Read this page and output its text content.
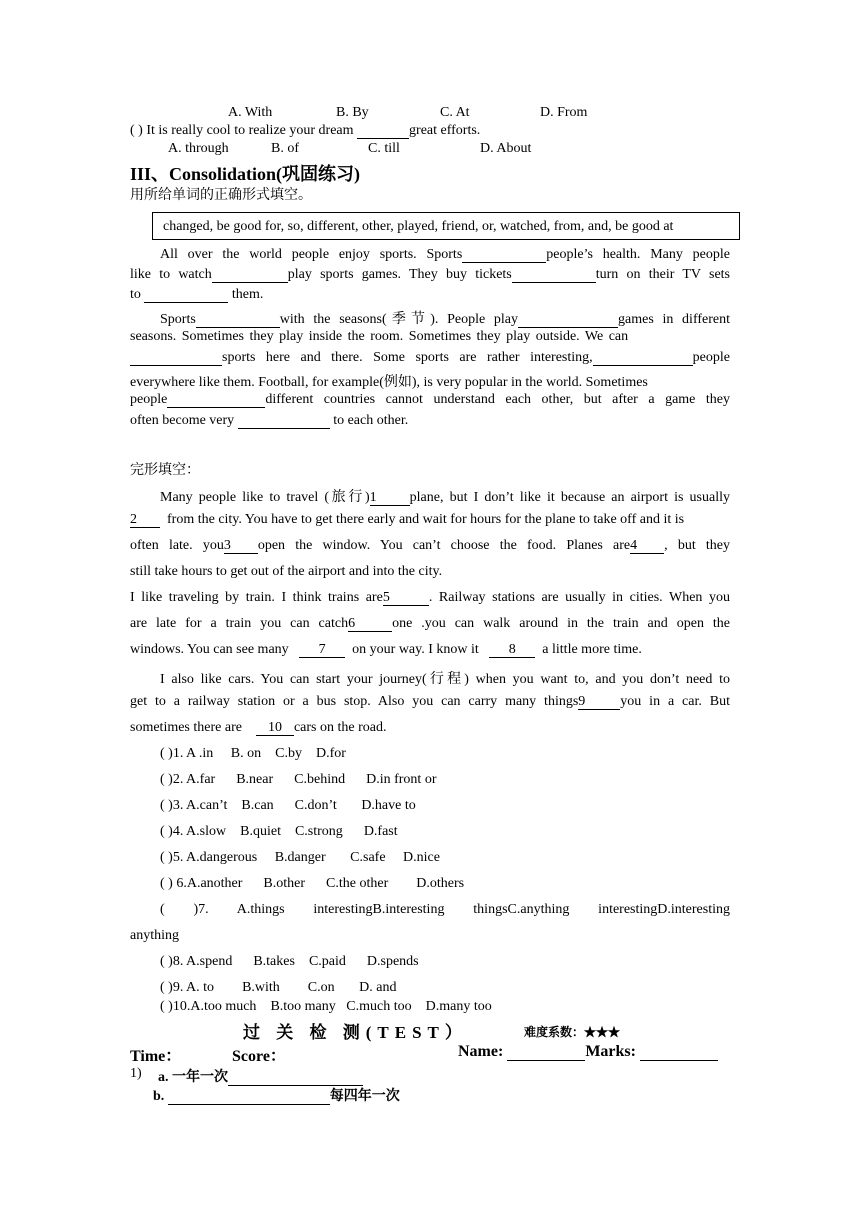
A. With	B. By	C. At	D. From
( ) It is really cool to realize your dream	great efforts.
A. through	B. of	C. till	D. About
III、Consolidation(巩固练习)
用所给单词的正确形式填空。
changed, be good for, so, different, other, played, friend, or, watched, from, and, be good at
All over the world people enjoy sports. Sports	people’s health. Many people
like to watch	play sports games. They buy tickets	turn on their TV sets
to	them.
Sports	with the seasons(季节). People play	games in different
seasons. Sometimes they play inside the room. Sometimes they play outside. We can
sports here and there. Some sports are rather interesting,	people
everywhere like them. Football, for example(例如), is very popular in the world. Sometimes
people	different countries cannot understand each other, but after a game they
often become very	to each other.
完形填空：
Many people like to travel (旅行)1 plane, but I don’t like it because an airport is usually
2 from the city. You have to get there early and wait for hours for the plane to take off and it is
often late. you3 open the window. You can’t choose the food. Planes are4 , but they
still take hours to get out of the airport and into the city.
I like traveling by train. I think trains are5	. Railway stations are usually in cities. When you
are late for a train you can catch6	one .you can walk around in the train and open the
windows. You can see many 7 on your way. I know it 8 a little more time.
I also like cars. You can start your journey(行程) when you want to, and you don’t need to
get to a railway station or a bus stop. Also you can carry many things9	you in a car. But
sometimes there are 10 cars on the road.
( )1. A .in B. on C.by D.for
( )2. A.far B.near C.behind D.in front or
( )3. A.can’t B.can C.don’t D.have to
( )4. A.slow B.quiet C.strong D.fast
( )5. A.dangerous B.danger C.safe D.nice
( ) 6.A.another B.other C.the other D.others
( )7. A.things interestingB.interesting thingsC.anything interestingD.interesting
anything
( )8. A.spend B.takes C.paid D.spends
( )9. A. to B.with C.on D. and
( )10.A.too much B.too many C.much too D.many too
过 关 检 测(TEST）	难度系数：★★★
Time：	Score：	Name:	Marks:
1) a. 一年一次
b.	每四年一次
